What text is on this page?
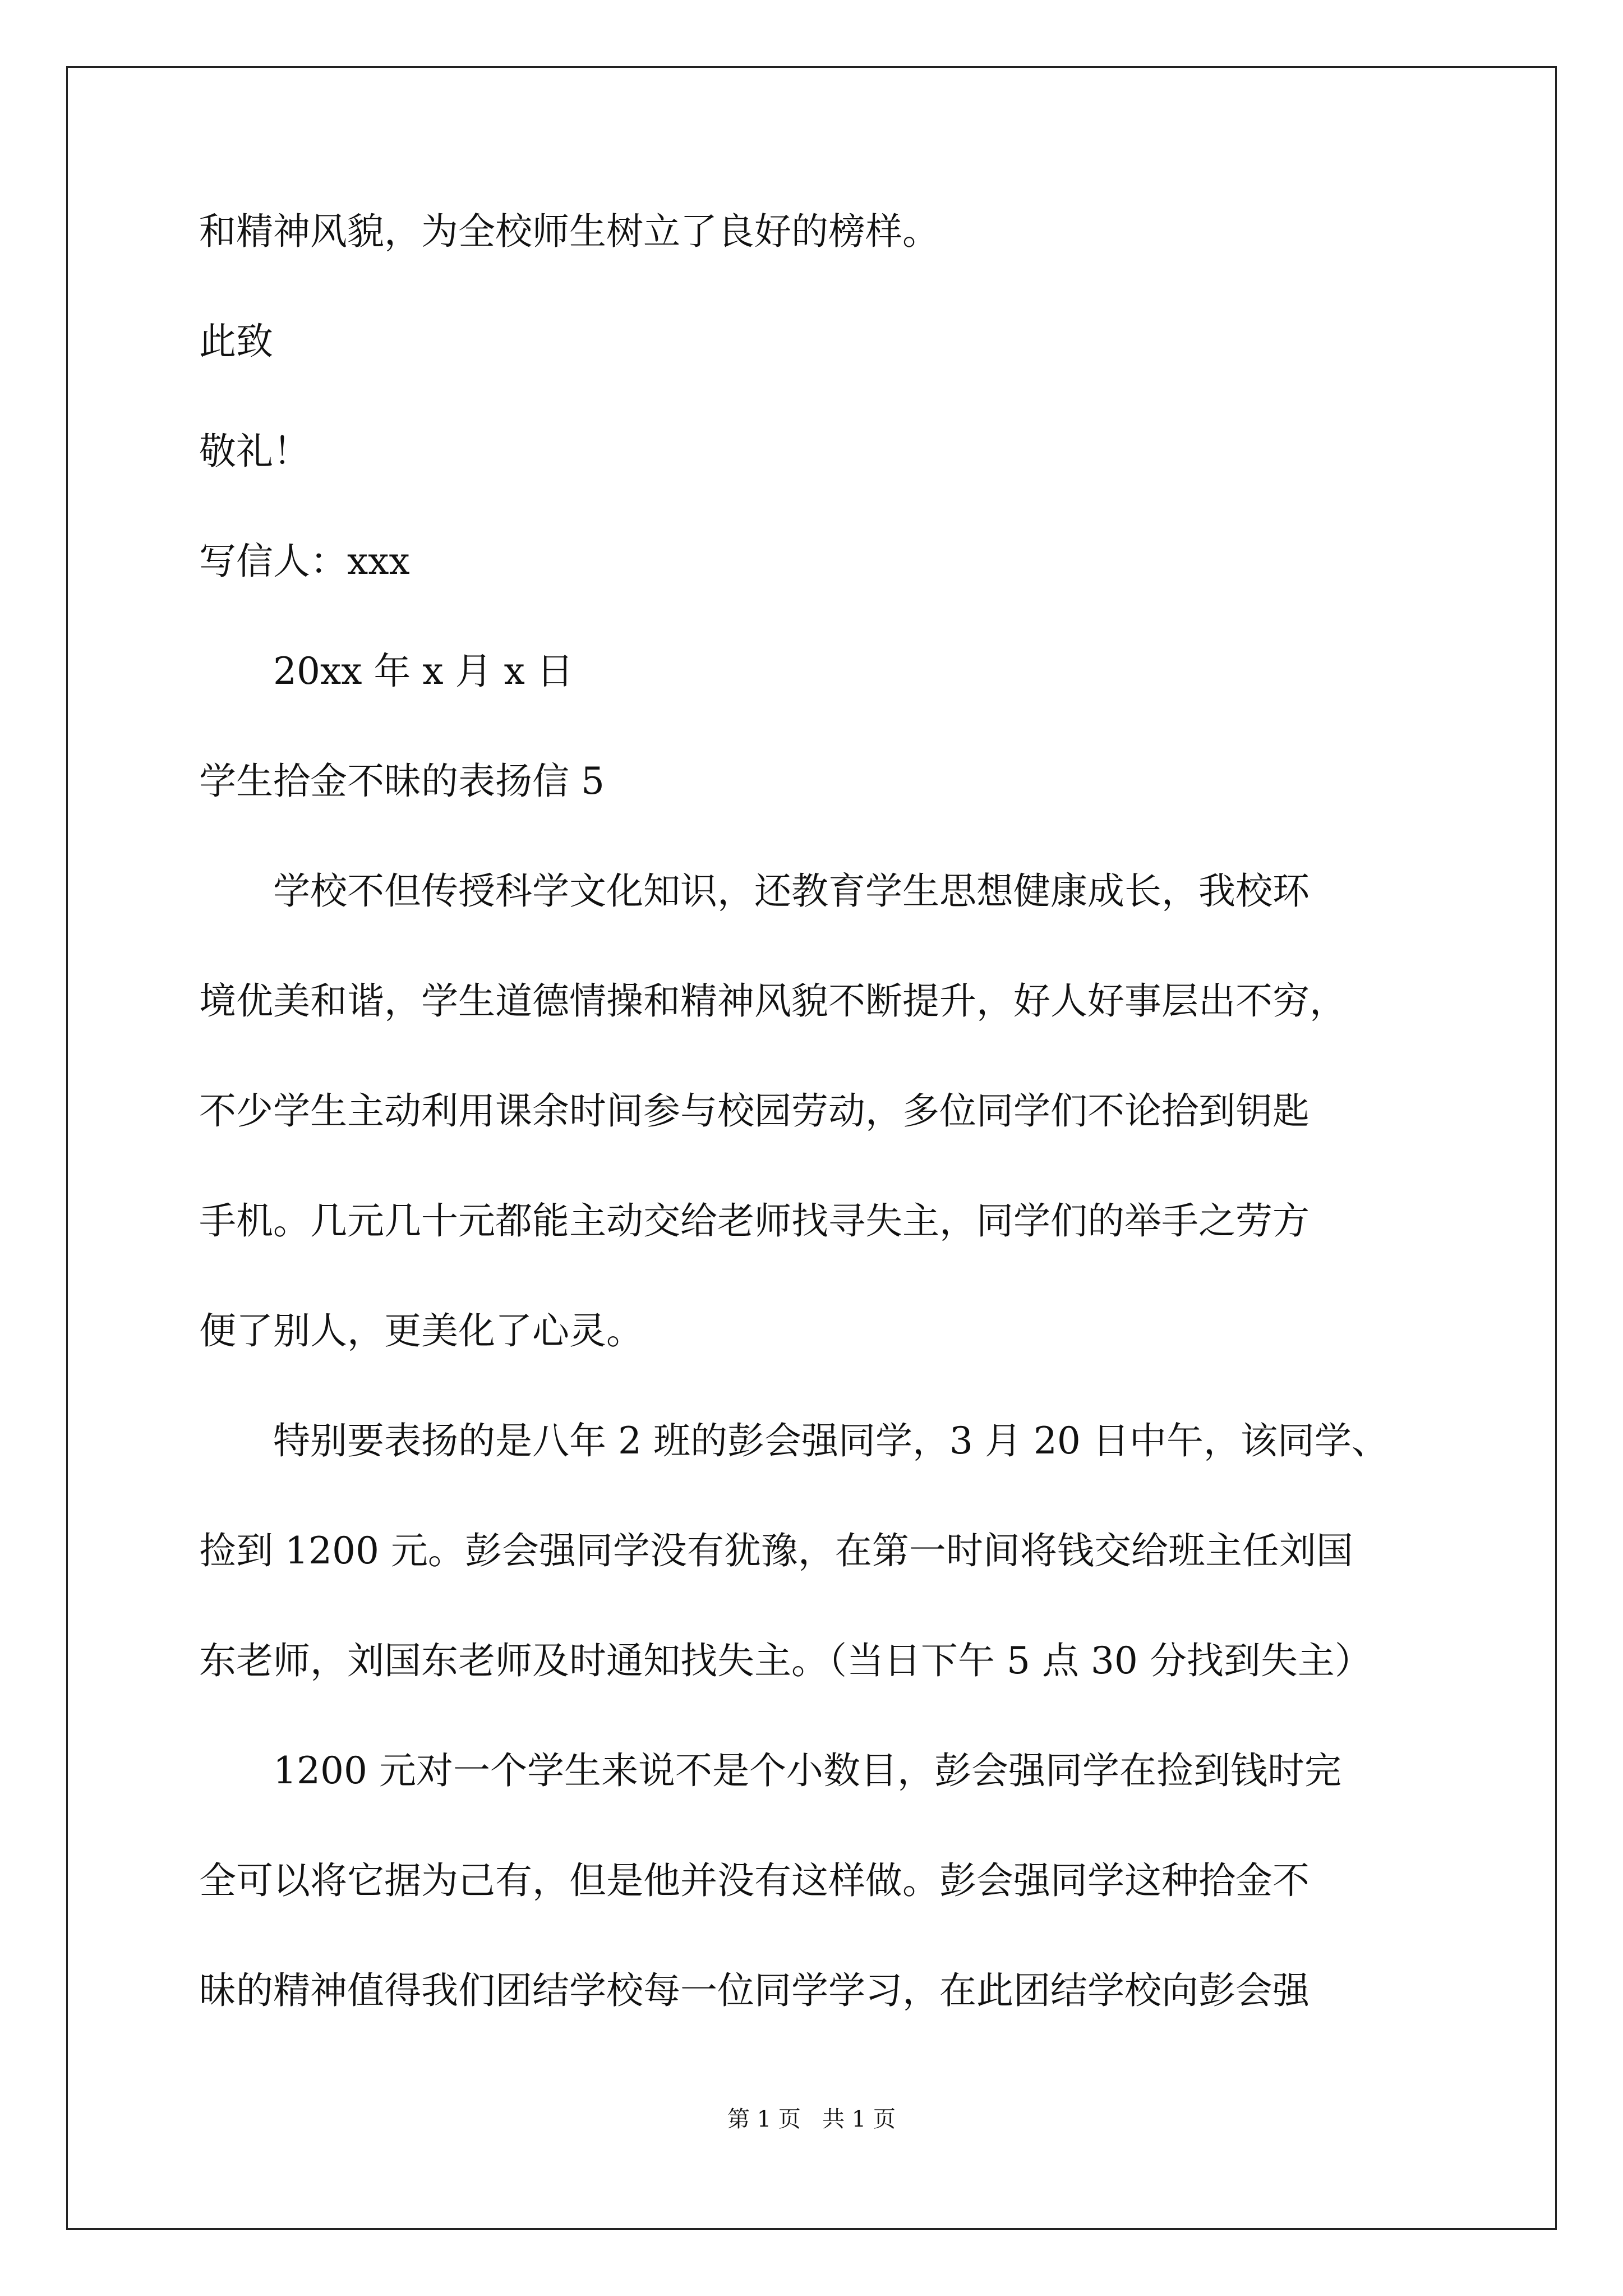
和精神风貌，为全校师生树立了良好的榜样。
此致
敬礼！
写信人：xxx
20xx 年 x 月 x 日
学生拾金不昧的表扬信 5
学校不但传授科学文化知识，还教育学生思想健康成长，我校环
境优美和谐，学生道德情操和精神风貌不断提升，好人好事层出不穷，
不少学生主动利用课余时间参与校园劳动，多位同学们不论拾到钥匙
手机。几元几十元都能主动交给老师找寻失主，同学们的举手之劳方
便了别人，更美化了心灵。
特别要表扬的是八年 2 班的彭会强同学，3 月 20 日中午，该同学、
捡到 1200 元。彭会强同学没有犹豫，在第一时间将钱交给班主任刘国
东老师，刘国东老师及时通知找失主。（当日下午 5 点 30 分找到失主）
1200 元对一个学生来说不是个小数目，彭会强同学在捡到钱时完
全可以将它据为己有，但是他并没有这样做。彭会强同学这种拾金不
昧的精神值得我们团结学校每一位同学学习，在此团结学校向彭会强
第 1 页   共 1 页
